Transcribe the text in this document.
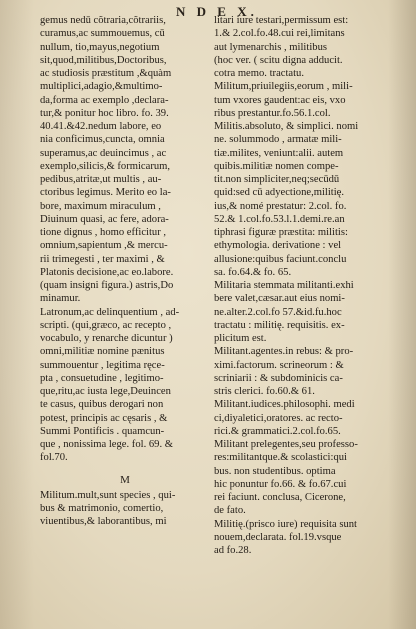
N D E X.
gemus nedū cõtraria,cõtrariis,
curamus,ac summouemus, cū
nullum, tio,mayus,negotium
sit,quod,militibus,Doctoribus,
ac studiosis præstitum ,&quàm
multiplici,adagio,&multimo-
da,forma ac exemplo ,declara-
tur,& ponitur hoc libro. fo. 39.
40.41.&42.nedum labore, eo
nia conficimus,cuncta, omnia
superamus,ac deuincimus , ac
exemplo,silicis,& formicarum,
pedibus,atritæ,ut multis , au-
ctoribus legimus. Merito eo la-
bore, maximum miraculum ,
Diuinum quasi, ac fere, adora-
tione dignus , homo efficitur ,
omnium,sapientum ,& mercu-
rii trimegesti , ter maximi , &
Platonis decisione,ac eo.labore.
(quam insigni figura.) astris,Do
minamur.
Latronum,ac delinquentium , ad-
scripti. (qui,græco, ac recepto ,
vocabulo, y renarche dicuntur )
omni,militiæ nomine pænitus
summouentur , legitima ręce-
pta , consuetudine , legitimo-
que,ritu,ac iusta lege,Deuincen
te casus, quibus derogari non
potest, principis ac cęsaris , &
Summi Pontificis . quamcun-
que , nonissima lege. fol. 69. &
fol.70.
M
Militum.mult,sunt species , qui-
bus & matrimonio, comertio,
viuentibus,& laborantibus, mi
litari iure testari,permissum est:
1.& 2.col.fo.48.cui rei,limitans
aut lymenarchis , militibus
(hoc ver. ( scitu digna adducit.
cotra memo. tractatu.
Militum,priuilegiis,eorum , mili-
tum vxores gaudent:ac eis, vxo
ribus prestantur.fo.56.1.col.
Militis.absoluto, & simplici. nomi
ne. solummodo , armatæ mili-
tiæ.milites, veniunt:alii. autem
quibis.militiæ nomen compe-
tit.non simpliciter,neq;secūdū
quid:sed cū adyectione,militię.
ius,& nomé prestatur: 2.col. fo.
52.& 1.col.fo.53.l.1.demi.re.an
tiphrasi figuræ præstita: militis:
ethymologia. derivatione : vel
allusione:quibus faciunt.conclu
sa. fo.64.& fo. 65.
Militaria stemmata militanti.exhi
bere valet,cæsar.aut eius nomi-
ne.alter.2.col.fo 57.&id.fu.hoc
tractatu : militię. requisitis. ex-
plicitum est.
Militant.agentes.in rebus: & pro-
ximi.factorum. scrineorum : &
scriniarii : & subdominicis ca-
stris clerici. fo.60.& 61.
Militant.iudices.philosophi. medi
ci,diyaletici,oratores. ac recto-
rici.& grammatici.2.col.fo.65.
Militant prelegentes,seu professo-
res:militantque.& scolastici:qui
bus. non studentibus. optima
hic ponuntur fo.66. & fo.67.cui
rei faciunt. conclusa, Cicerone,
de fato.
Militię.(prisco iure) requisita sunt
nouem,declarata. fol.19.vsque
ad fo.28.
